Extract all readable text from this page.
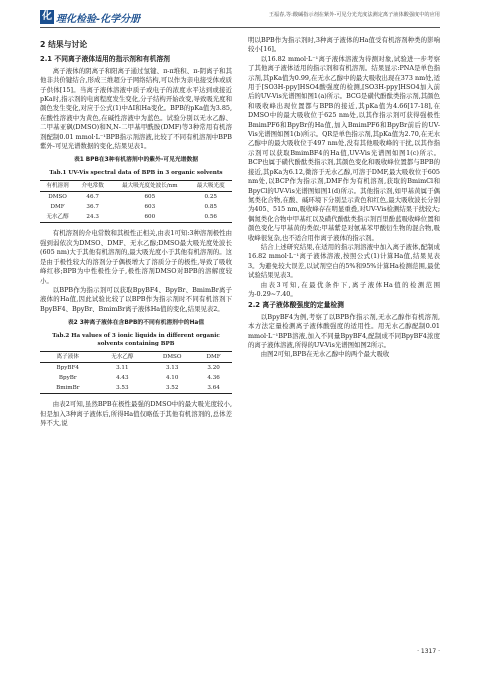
化 理化检验-化学分册	王福春,等:酸碱指示剂在紫外-可见分光光度法测定离子液体酸强度中的应用
2 结果与讨论
2.1 不同离子液体适用的指示剂和有机溶剂

离子液体的阴离子和阳离子通过氢键、π-π堆积、π-阴离子和其他非共价键结合,形成三维超分子网络结构,可以作为亲电接受体或质子供体[15]。当离子液体溶液中质子或电子的浓度水平达到或接近pKa时,指示剂的电离程度发生变化,分子结构开始改变,导致吸光度和颜色发生变化,对应于公式(1)中ΔI和Ha变化。BPB的pKa值为3.85,在酸性溶液中为黄色,在碱性溶液中为蓝色。试验分别以无水乙醇、二甲基亚砜(DMSO)和N,N-二甲基甲酰胺(DMF)等3种常用有机溶剂配制0.01 mmol·L⁻¹BPB指示剂溶液,比较了不同有机溶剂中BPB紫外-可见光谱数据的变化,结果见表1。

表1 BPB在3种有机溶剂中的紫外-可见光谱数据
Tab.1 UV-Vis spectral data of BPB in 3 organic solvents
有机溶剂	介电常数	最大吸光度处波长/nm	最大吸光度
DMSO	46.7	605	0.25
DMF	36.7	603	0.85
无水乙醇	24.3	600	0.56

有机溶剂的介电常数和其极性正相关,由表1可知:3种溶剂极性由强到弱依次为DMSO、DMF、无水乙醇;DMSO最大吸光度处波长(605 nm)大于其他有机溶剂的,最大吸光度小于其他有机溶剂的。这是由于极性较大的溶剂分子偶极增大了溶质分子的极性,导致了吸收峰红移;BPB为中性极性分子,极性溶剂DMSO对BPB的溶解度较小。

以BPB作为指示剂可以获取BpyBF4、BpyBr、BmimBr离子液体的Ha值,因此试验比较了以BPB作为指示剂时不同有机溶剂下BpyBF4、BpyBr、BmimBr离子液体Ha值的变化,结果见表2。

表2 3种离子液体在含BPB的不同有机溶剂中的Ha值
Tab.2 Ha values of 3 ionic liquids in different organic solvents containing BPB
离子液体	无水乙醇	DMSO	DMF
BpyBF4	3.11	3.13	3.20
BpyBr	4.43	4.10	4.36
BmimBr	3.53	3.52	3.64

由表2可知,虽然BPB在极性最强的DMSO中的最大吸光度较小,但是加入3种离子液体后,所得Ha值仅略低于其他有机溶剂的,总体差异不大,说

明以BPB作为指示剂时,3种离子液体的Ha值受有机溶剂种类的影响较小[16]。

以16.82 mmol·L⁻¹离子液体溶液为待测对象,试验进一步考察了其他离子液体适用的指示剂和有机溶剂。结果显示:PNA是单色指示剂,其pKa值为0.99,在无水乙醇中的最大吸收出现在373 nm处,适用于[SO3H-ppy]HSO4酸强度的检测,[SO3H-ppy]HSO4加入前后的UV-Vis光谱图如图1(a)所示。BCG是磺代酚酞类指示剂,其颜色和吸收峰出现位置都与BPB的接近,其pKa值为4.66[17-18],在DMSO中的最大吸收位于625 nm处,以其作指示剂可获得强极性BmimPF6和BpyBr的Ha值,加入BmimPF6和BpyBr前后的UV-Vis光谱图如图1(b)所示。QR是单色指示剂,其pKa值为2.70,在无水乙醇中的最大吸收位于497 nm处,没有其他吸收峰的干扰,以其作指示剂可以获取BmimBF4的Ha值,UV-Vis光谱图如图1(c)所示。BCP也属于磺代酚酞类指示剂,其颜色变化和吸收峰位置都与BPB的接近,其pKa为6.12,微溶于无水乙醇,可溶于DMF,最大吸收位于605 nm处,以BCP作为指示剂,DMF作为有机溶剂,获取的BmimCl和BpyCl的UV-Vis光谱图如图1(d)所示。其他指示剂,如甲基黄属于偶氮类化合物,在酸、碱环境下分别呈示黄色和红色,最大吸收波长分别为405、515 nm,吸收峰存在明显重叠,对UV-Vis检测结果干扰较大;偶氮类化合物中甲基红以及磺代酚酞类指示剂百里酚蓝吸收峰位置和颜色变化与甲基黄的类似;甲基紫是对氨基苯甲酸衍生物的混合物,吸收峰很复杂,也不适合用作离子液体的指示剂。

结合上述研究结果,在适用的指示剂溶液中加入离子液体,配制成16.82 mmol·L⁻¹离子液体溶液,按照公式(1)计算Ha值,结果见表3。为避免较大误差,以试剂空白的5%和95%计算Ha检测范围,最优试验结果见表3。

由表3可知,在最优条件下,离子液体Ha值的检测范围为-0.29~7.40。

2.2 离子液体酸强度的定量检测

以BpyBF4为例,考察了以BPB作指示剂,无水乙醇作有机溶剂,本方法定量检测离子液体酸强度的适用性。用无水乙醇配制0.01 mmol·L⁻¹BPB溶液,加入不同量BpyBF4,配制成不同BpyBF4浓度的离子液体溶液,所得的UV-Vis光谱图如图2所示。

由图2可知,BPB在无水乙醇中的两个最大吸收

· 1317 ·
